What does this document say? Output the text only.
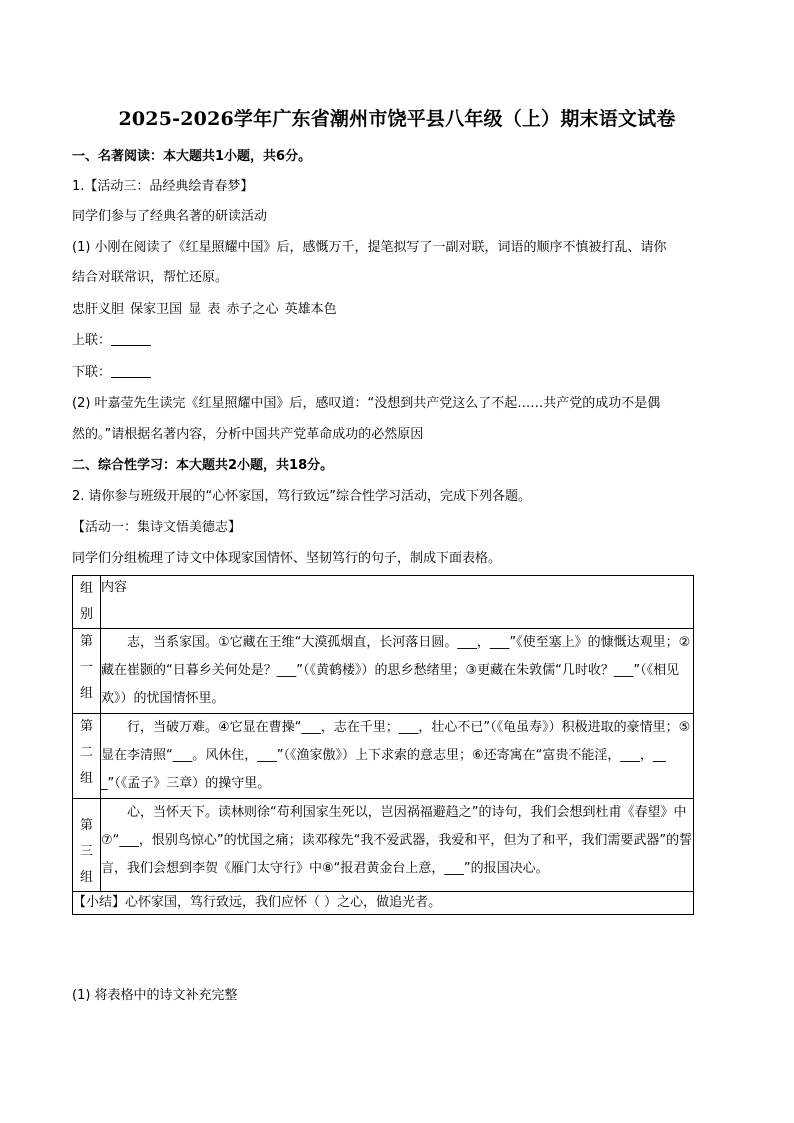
2025-2026学年广东省潮州市饶平县八年级（上）期末语文试卷
一、名著阅读：本大题共1小题，共6分。
1.【活动三：品经典绘青春梦】
同学们参与了经典名著的研读活动
(1) 小刚在阅读了《红星照耀中国》后，感慨万千，提笔拟写了一副对联，词语的顺序不慎被打乱、请你
结合对联常识，帮忙还原。
忠肝义胆 保家卫国 显 表 赤子之心 英雄本色
上联：
下联：
(2) 叶嘉莹先生读完《红星照耀中国》后，感叹道：“没想到共产党这么了不起……共产党的成功不是偶
然的。”请根据名著内容，分析中国共产党革命成功的必然原因
二、综合性学习：本大题共2小题，共18分。
2. 请你参与班级开展的“心怀家国，笃行致远”综合性学习活动，完成下列各题。
【活动一：集诗文悟美德志】
同学们分组梳理了诗文中体现家国情怀、坚韧笃行的句子，制成下面表格。
组
别	内容

第
一
组	志，当系家国。①它藏在王维“大漠孤烟直，长河落日圆。___，___”《使至塞上》的慷慨达观里；②藏在崔颢的“日暮乡关何处是？___”（《黄鹤楼》）的思乡愁绪里；③更藏在朱敦儒“几时收？___”（《相见欢》）的忧国情怀里。

第
二
组	行，当破万难。④它显在曹操“___，志在千里；___，壮心不已”（《龟虽寿》）积极进取的豪情里；⑤显在李清照“___。风休住，___”（《渔家傲》）上下求索的意志里；⑥还寄寓在“富贵不能淫，___，___”（《孟子》三章）的操守里。

第
三
组	心，当怀天下。读林则徐“苟利国家生死以，岂因祸福避趋之”的诗句，我们会想到杜甫《春望》中⑦“___，恨别鸟惊心”的忧国之痛；读邓稼先“我不爱武器，我爱和平，但为了和平，我们需要武器”的誓言，我们会想到李贺《雁门太守行》中⑧“报君黄金台上意，___”的报国决心。

【小结】心怀家国，笃行致远，我们应怀（ ）之心，做追光者。	
(1) 将表格中的诗文补充完整
